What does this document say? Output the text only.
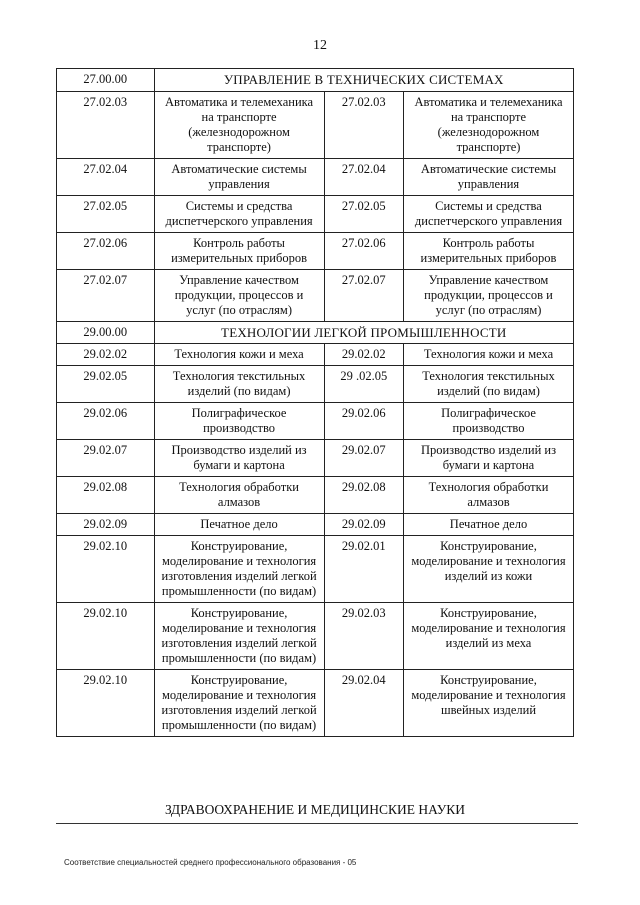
12
27.00.00	УПРАВЛЕНИЕ В ТЕХНИЧЕСКИХ СИСТЕМАХ		
27.02.03	Автоматика и телемеханика на транспорте (железнодорожном транспорте)	27.02.03	Автоматика и телемеханика на транспорте (железнодорожном транспорте)
27.02.04	Автоматические системы управления	27.02.04	Автоматические системы управления
27.02.05	Системы и средства диспетчерского управления	27.02.05	Системы и средства диспетчерского управления
27.02.06	Контроль работы измерительных приборов	27.02.06	Контроль работы измерительных приборов
27.02.07	Управление качеством продукции, процессов и услуг (по отраслям)	27.02.07	Управление качеством продукции, процессов и услуг (по отраслям)
29.00.00	ТЕХНОЛОГИИ ЛЕГКОЙ ПРОМЫШЛЕННОСТИ		
29.02.02	Технология кожи и меха	29.02.02	Технология кожи и меха
29.02.05	Технология текстильных изделий (по видам)	29 .02.05	Технология текстильных изделий (по видам)
29.02.06	Полиграфическое производство	29.02.06	Полиграфическое производство
29.02.07	Производство изделий из бумаги и картона	29.02.07	Производство изделий из бумаги и картона
29.02.08	Технология обработки алмазов	29.02.08	Технология обработки алмазов
29.02.09	Печатное дело	29.02.09	Печатное дело
29.02.10	Конструирование, моделирование и технология изготовления изделий легкой промышленности (по видам)	29.02.01	Конструирование, моделирование и технология изделий из кожи
29.02.10	Конструирование, моделирование и технология изготовления изделий легкой промышленности (по видам)	29.02.03	Конструирование, моделирование и технология изделий из меха
29.02.10	Конструирование, моделирование и технология изготовления изделий легкой промышленности (по видам)	29.02.04	Конструирование, моделирование и технология швейных изделий
ЗДРАВООХРАНЕНИЕ И МЕДИЦИНСКИЕ НАУКИ
Соответствие специальностей среднего профессионального образования - 05
